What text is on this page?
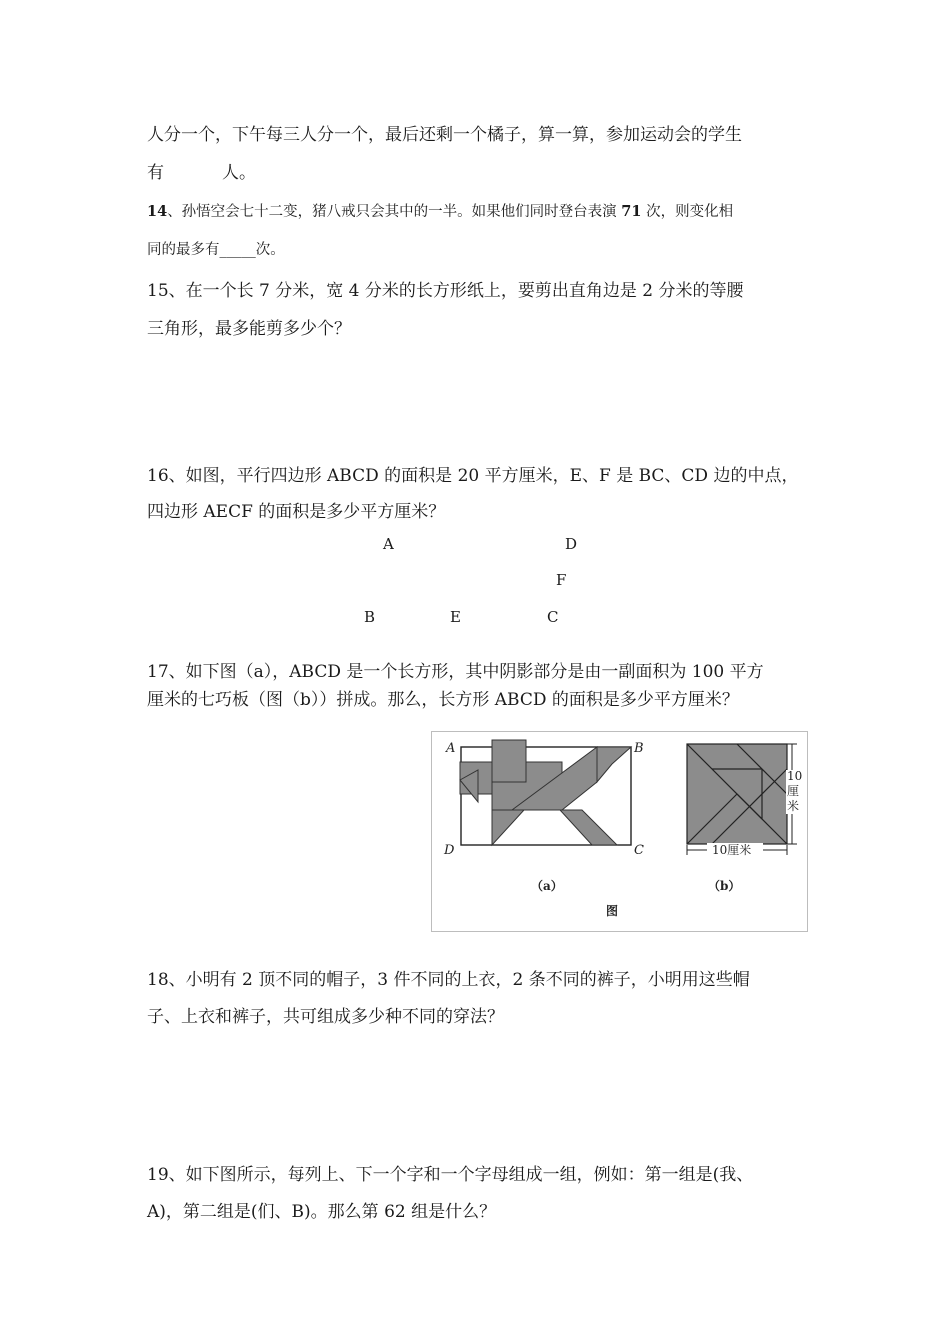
人分一个，下午每三人分一个，最后还剩一个橘子，算一算，参加运动会的学生
有	人。
14、孙悟空会七十二变，猪八戒只会其中的一半。如果他们同时登台表演 71 次，则变化相
同的最多有_____次。
15、在一个长 7 分米，宽 4 分米的长方形纸上，要剪出直角边是 2 分米的等腰
三角形，最多能剪多少个？
16、如图，平行四边形 ABCD 的面积是 20 平方厘米，E、F 是 BC、CD 边的中点，
四边形 AECF 的面积是多少平方厘米？
A	D
F
B	E	C
17、如下图（a），ABCD 是一个长方形，其中阴影部分是由一副面积为 100 平方
厘米的七巧板（图（b））拼成。那么，长方形 ABCD 的面积是多少平方厘米？
A	B
C
D	10厘米
10
厘
米
（a）	（b）
图
18、小明有 2 顶不同的帽子，3 件不同的上衣，2 条不同的裤子，小明用这些帽
子、上衣和裤子，共可组成多少种不同的穿法？
19、如下图所示，每列上、下一个字和一个字母组成一组，例如：第一组是(我、
A)，第二组是(们、B)。那么第 62 组是什么？
